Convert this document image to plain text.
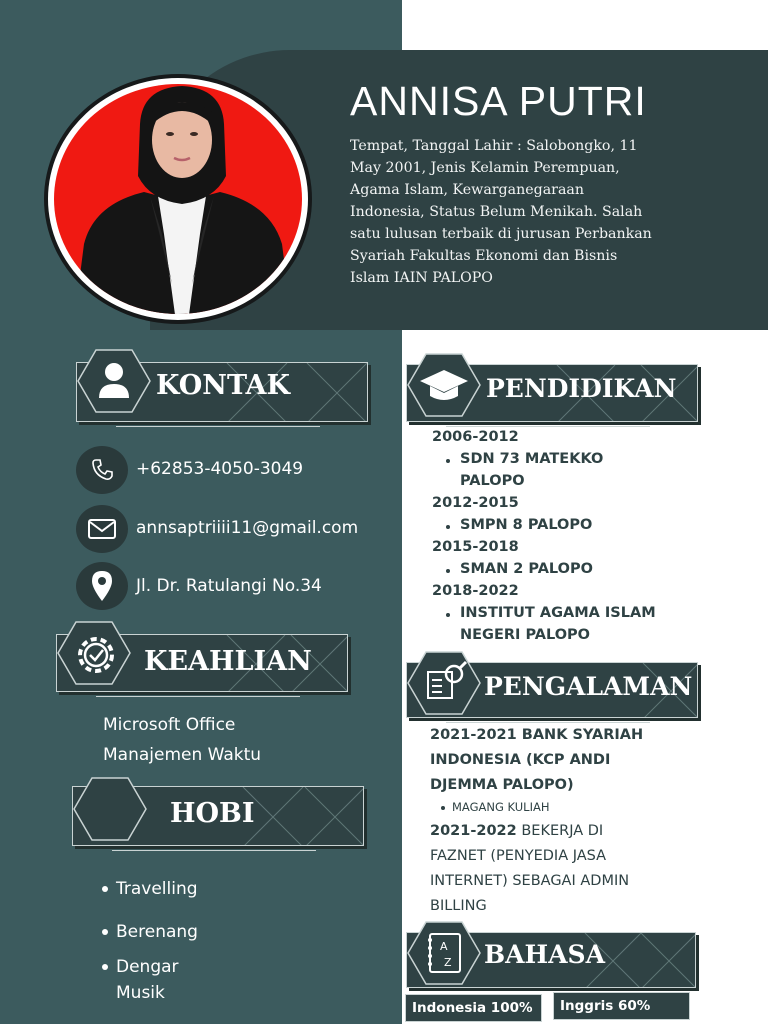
ANNISA PUTRI
Tempat, Tanggal Lahir : Salobongko, 11 May 2001, Jenis Kelamin Perempuan, Agama Islam, Kewarganegaraan Indonesia, Status Belum Menikah. Salah satu lulusan terbaik di jurusan Perbankan Syariah Fakultas Ekonomi dan Bisnis Islam IAIN PALOPO
KONTAK
+62853-4050-3049
annsaptriiii11@gmail.com
Jl. Dr. Ratulangi No.34
KEAHLIAN
Microsoft Office
Manajemen Waktu
HOBI
Travelling
Berenang
Dengar Musik
PENDIDIKAN
2006-2012
SDN 73 MATEKKO
PALOPO
2012-2015
SMPN 8 PALOPO
2015-2018
SMAN 2 PALOPO
2018-2022
INSTITUT AGAMA ISLAM
NEGERI PALOPO
PENGALAMAN
2021-2021 BANK SYARIAH
INDONESIA (KCP ANDI
DJEMMA PALOPO)
MAGANG KULIAH
2021-2022 BEKERJA DI
FAZNET (PENYEDIA JASA
INTERNET) SEBAGAI ADMIN
BILLING
A
Z BAHASA
Indonesia 100%	Inggris 60%
